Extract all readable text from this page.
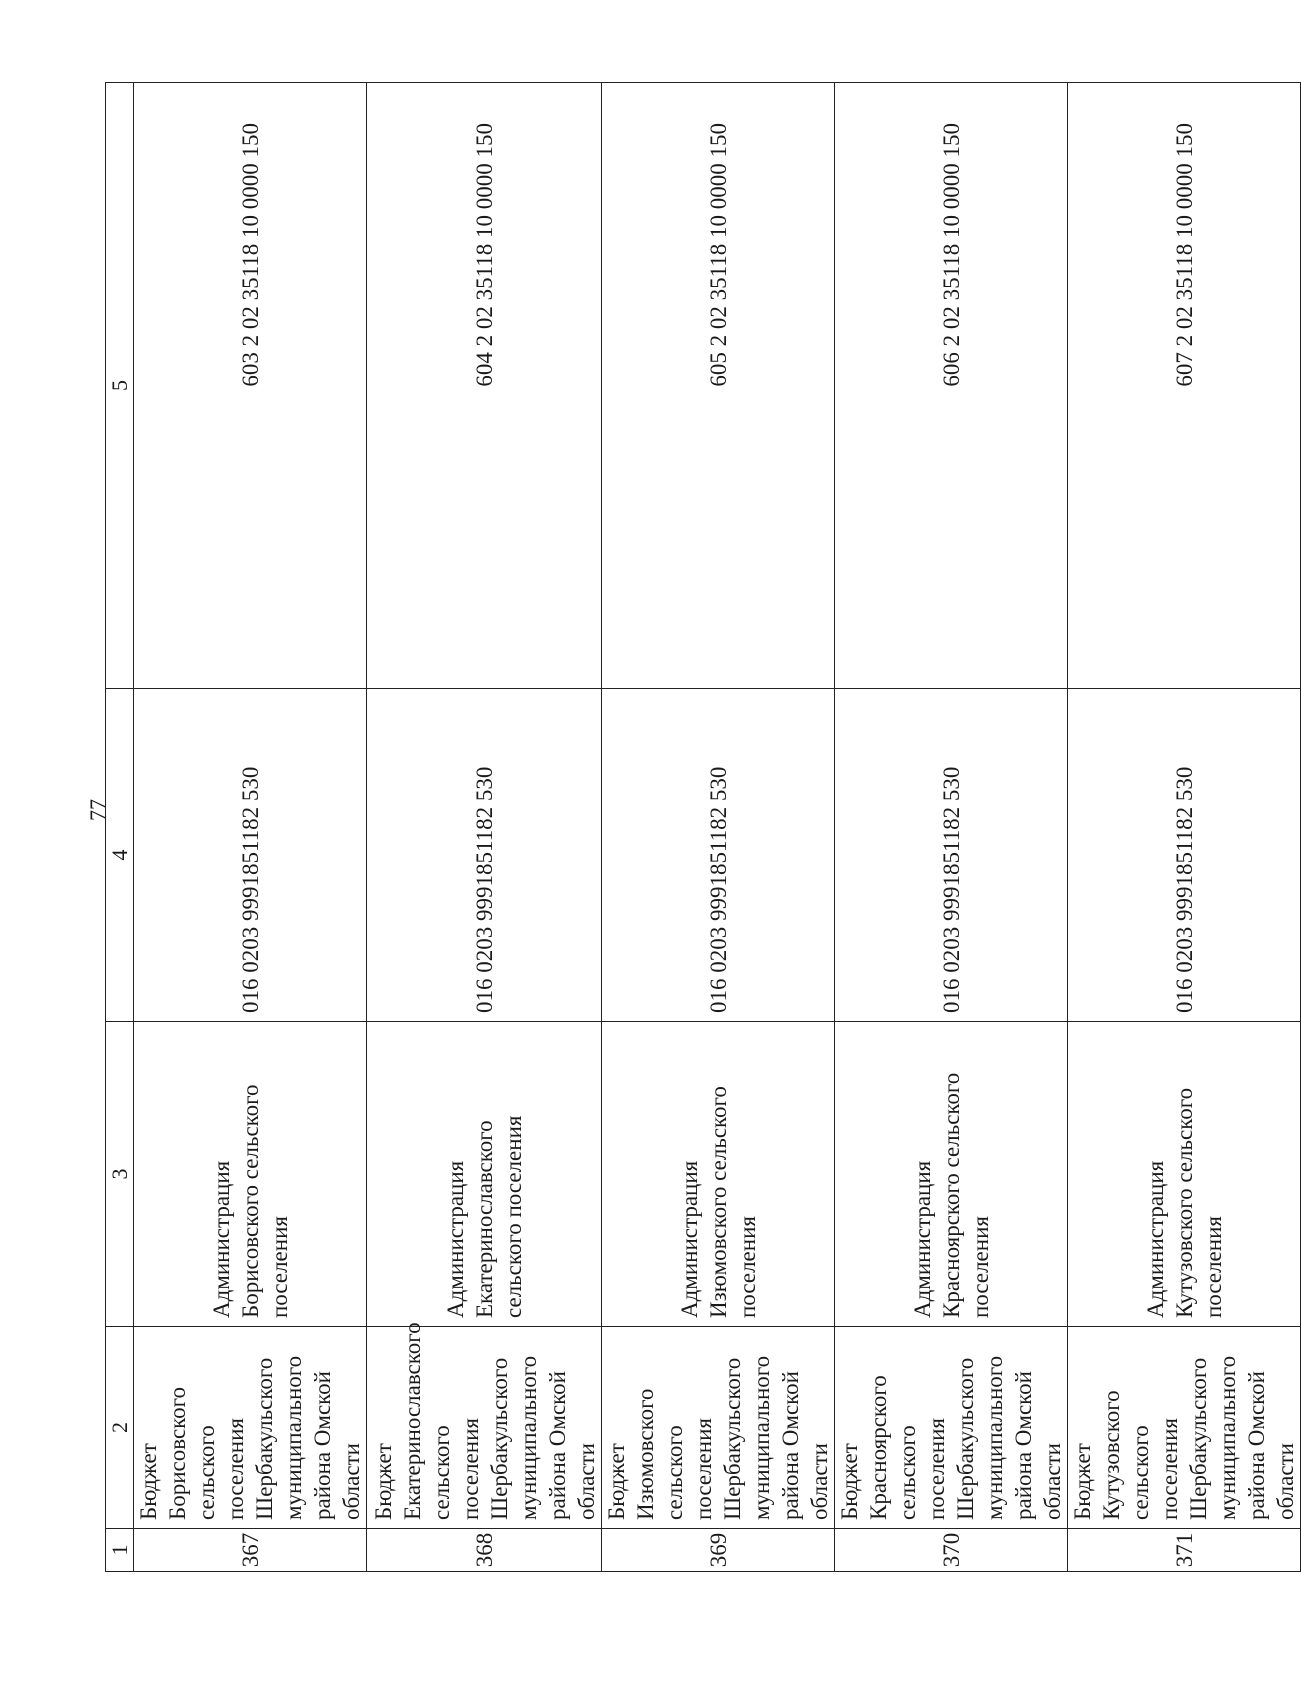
77
1	2	3	4	5
367	Бюджет Борисовского сельского поселения Шербакульского муниципального района Омской области	Администрация Борисовского сельского поселения	016 0203 9991851182 530	603 2 02 35118 10 0000 150
368	Бюджет Екатеринославского сельского поселения Шербакульского муниципального района Омской области	Администрация Екатеринославского сельского поселения	016 0203 9991851182 530	604 2 02 35118 10 0000 150
369	Бюджет Изюмовского сельского поселения Шербакульского муниципального района Омской области	Администрация Изюмовского сельского поселения	016 0203 9991851182 530	605 2 02 35118 10 0000 150
370	Бюджет Красноярского сельского поселения Шербакульского муниципального района Омской области	Администрация Красноярского сельского поселения	016 0203 9991851182 530	606 2 02 35118 10 0000 150
371	Бюджет Кутузовского сельского поселения Шербакульского муниципального района Омской области	Администрация Кутузовского сельского поселения	016 0203 9991851182 530	607 2 02 35118 10 0000 150
